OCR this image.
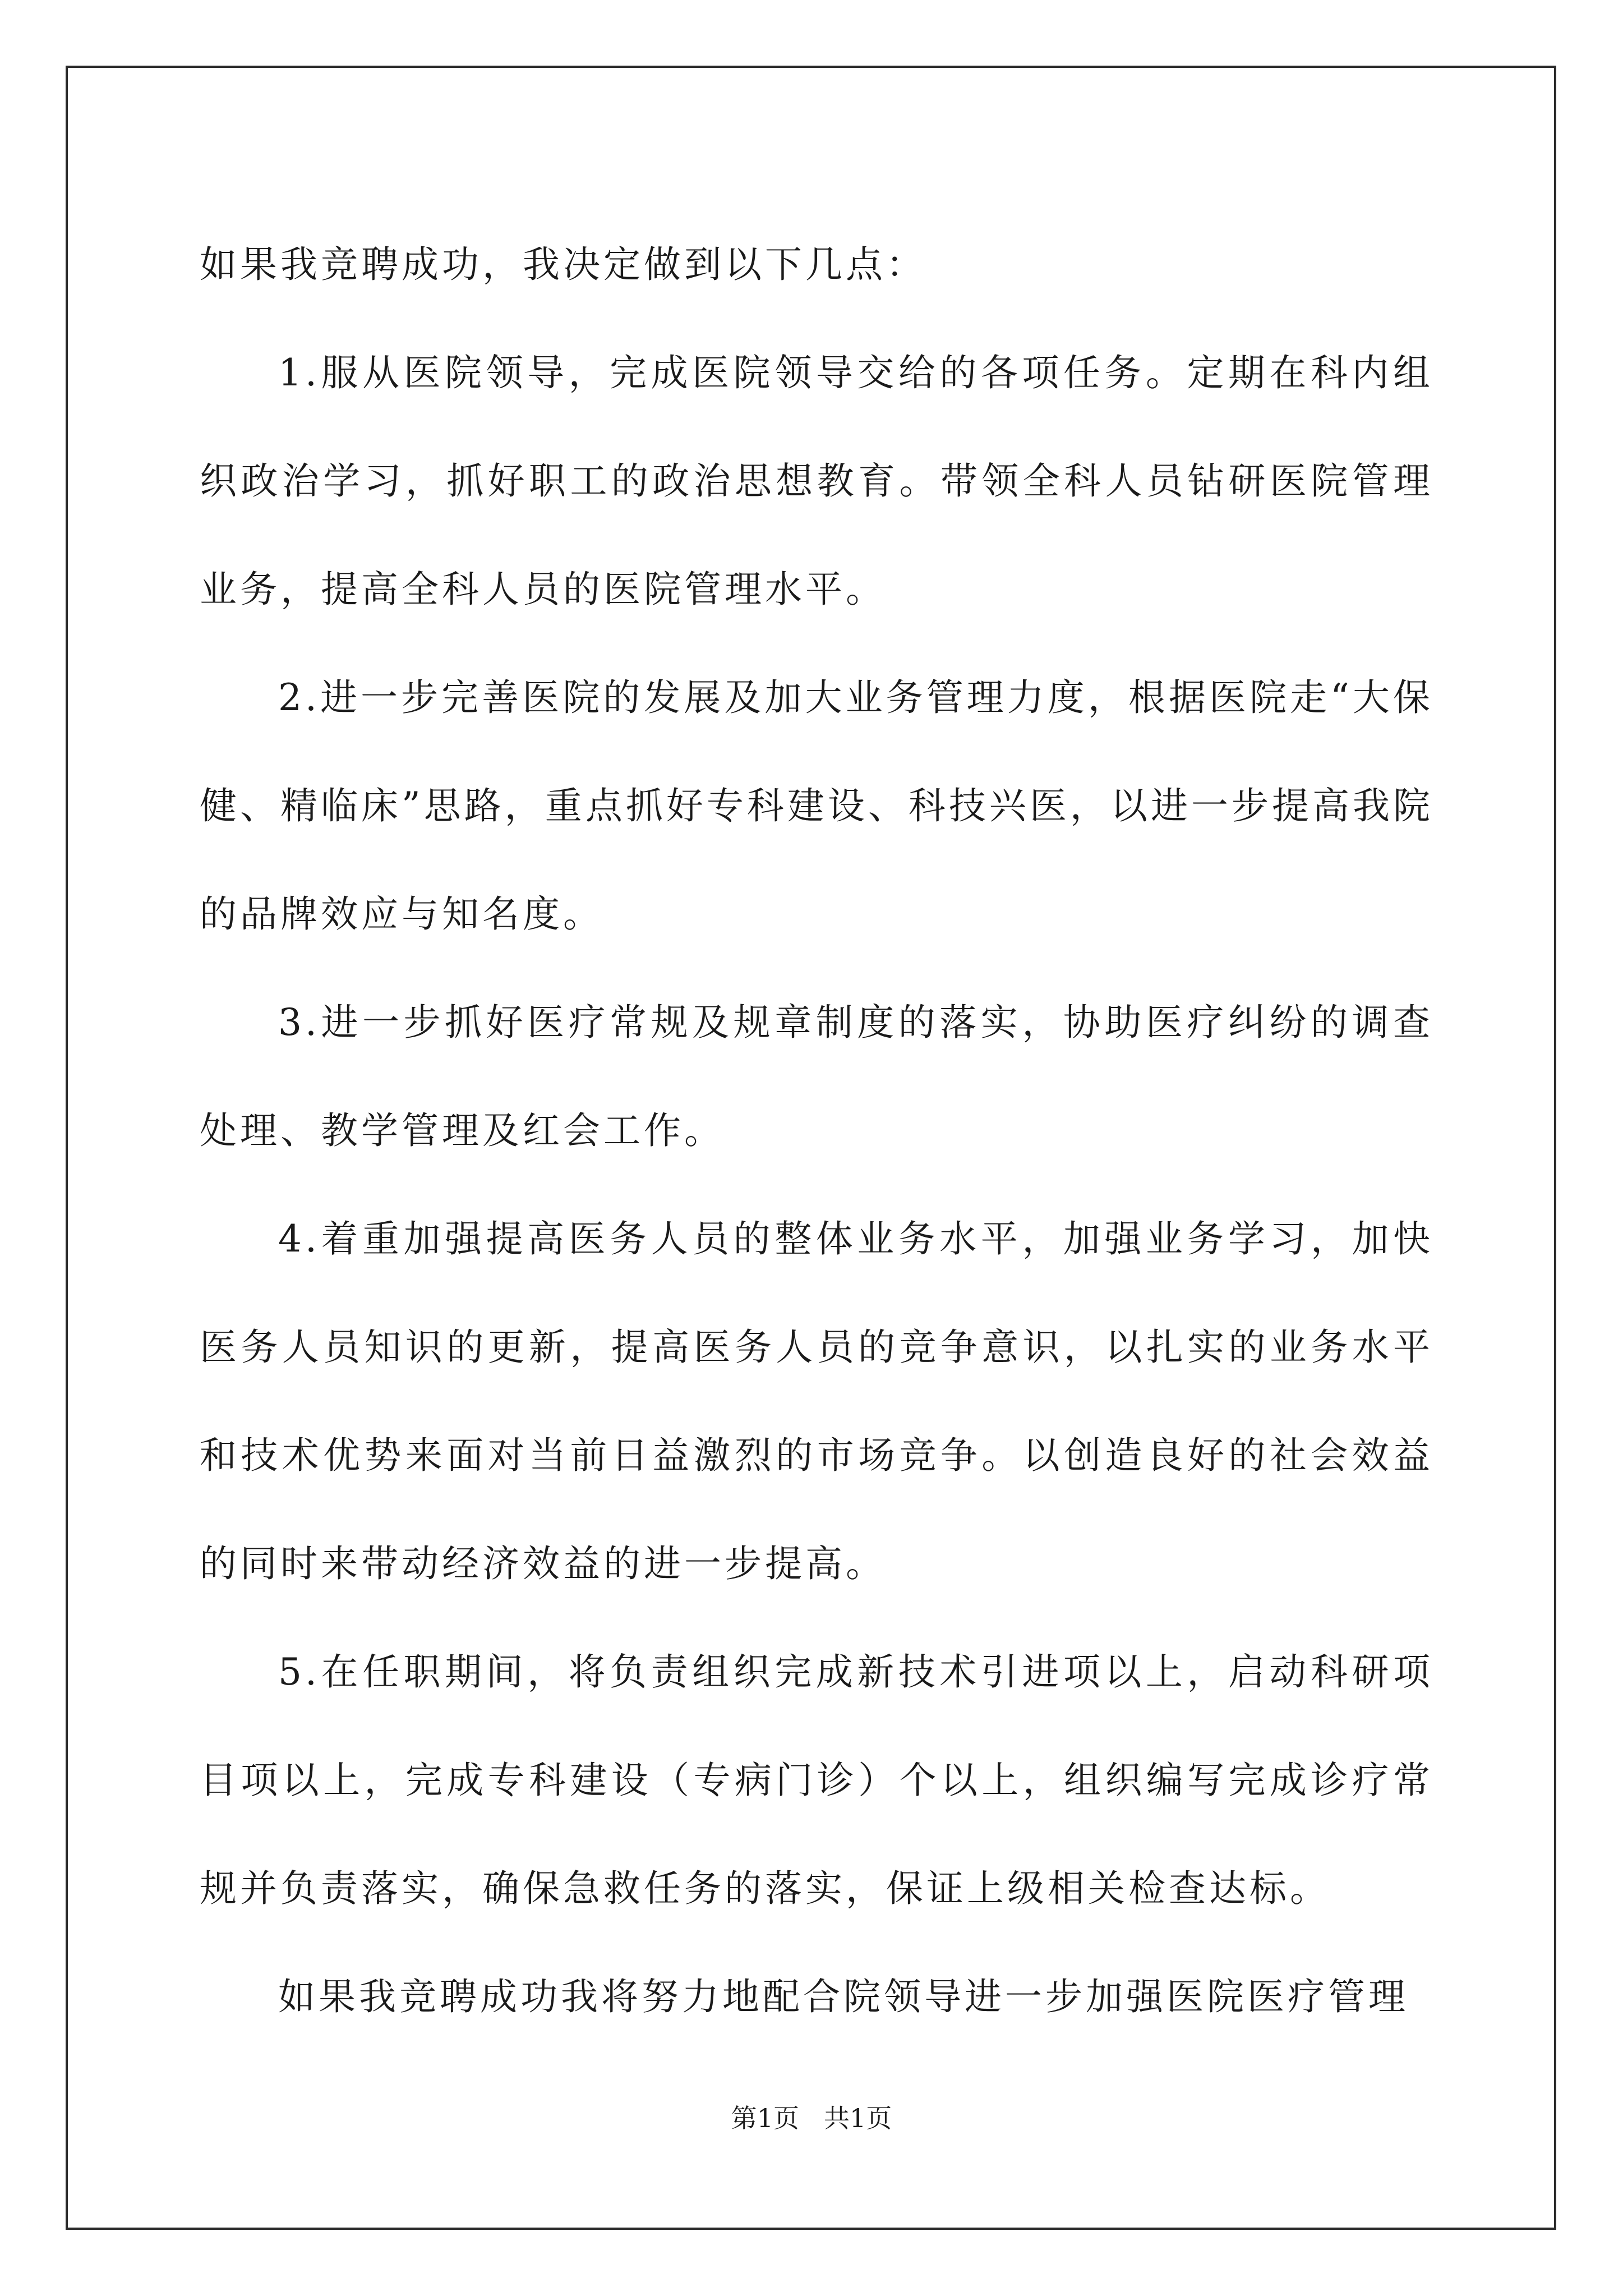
如果我竞聘成功，我决定做到以下几点：

1.服从医院领导，完成医院领导交给的各项任务。定期在科内组织政治学习，抓好职工的政治思想教育。带领全科人员钻研医院管理业务，提高全科人员的医院管理水平。

2.进一步完善医院的发展及加大业务管理力度，根据医院走“大保健、精临床”思路，重点抓好专科建设、科技兴医，以进一步提高我院的品牌效应与知名度。

3.进一步抓好医疗常规及规章制度的落实，协助医疗纠纷的调查处理、教学管理及红会工作。

4.着重加强提高医务人员的整体业务水平，加强业务学习，加快医务人员知识的更新，提高医务人员的竞争意识，以扎实的业务水平和技术优势来面对当前日益激烈的市场竞争。以创造良好的社会效益的同时来带动经济效益的进一步提高。

5.在任职期间，将负责组织完成新技术引进项以上，启动科研项目项以上，完成专科建设（专病门诊）个以上，组织编写完成诊疗常规并负责落实，确保急救任务的落实，保证上级相关检查达标。

如果我竞聘成功我将努力地配合院领导进一步加强医院医疗管理

第1页 共1页
